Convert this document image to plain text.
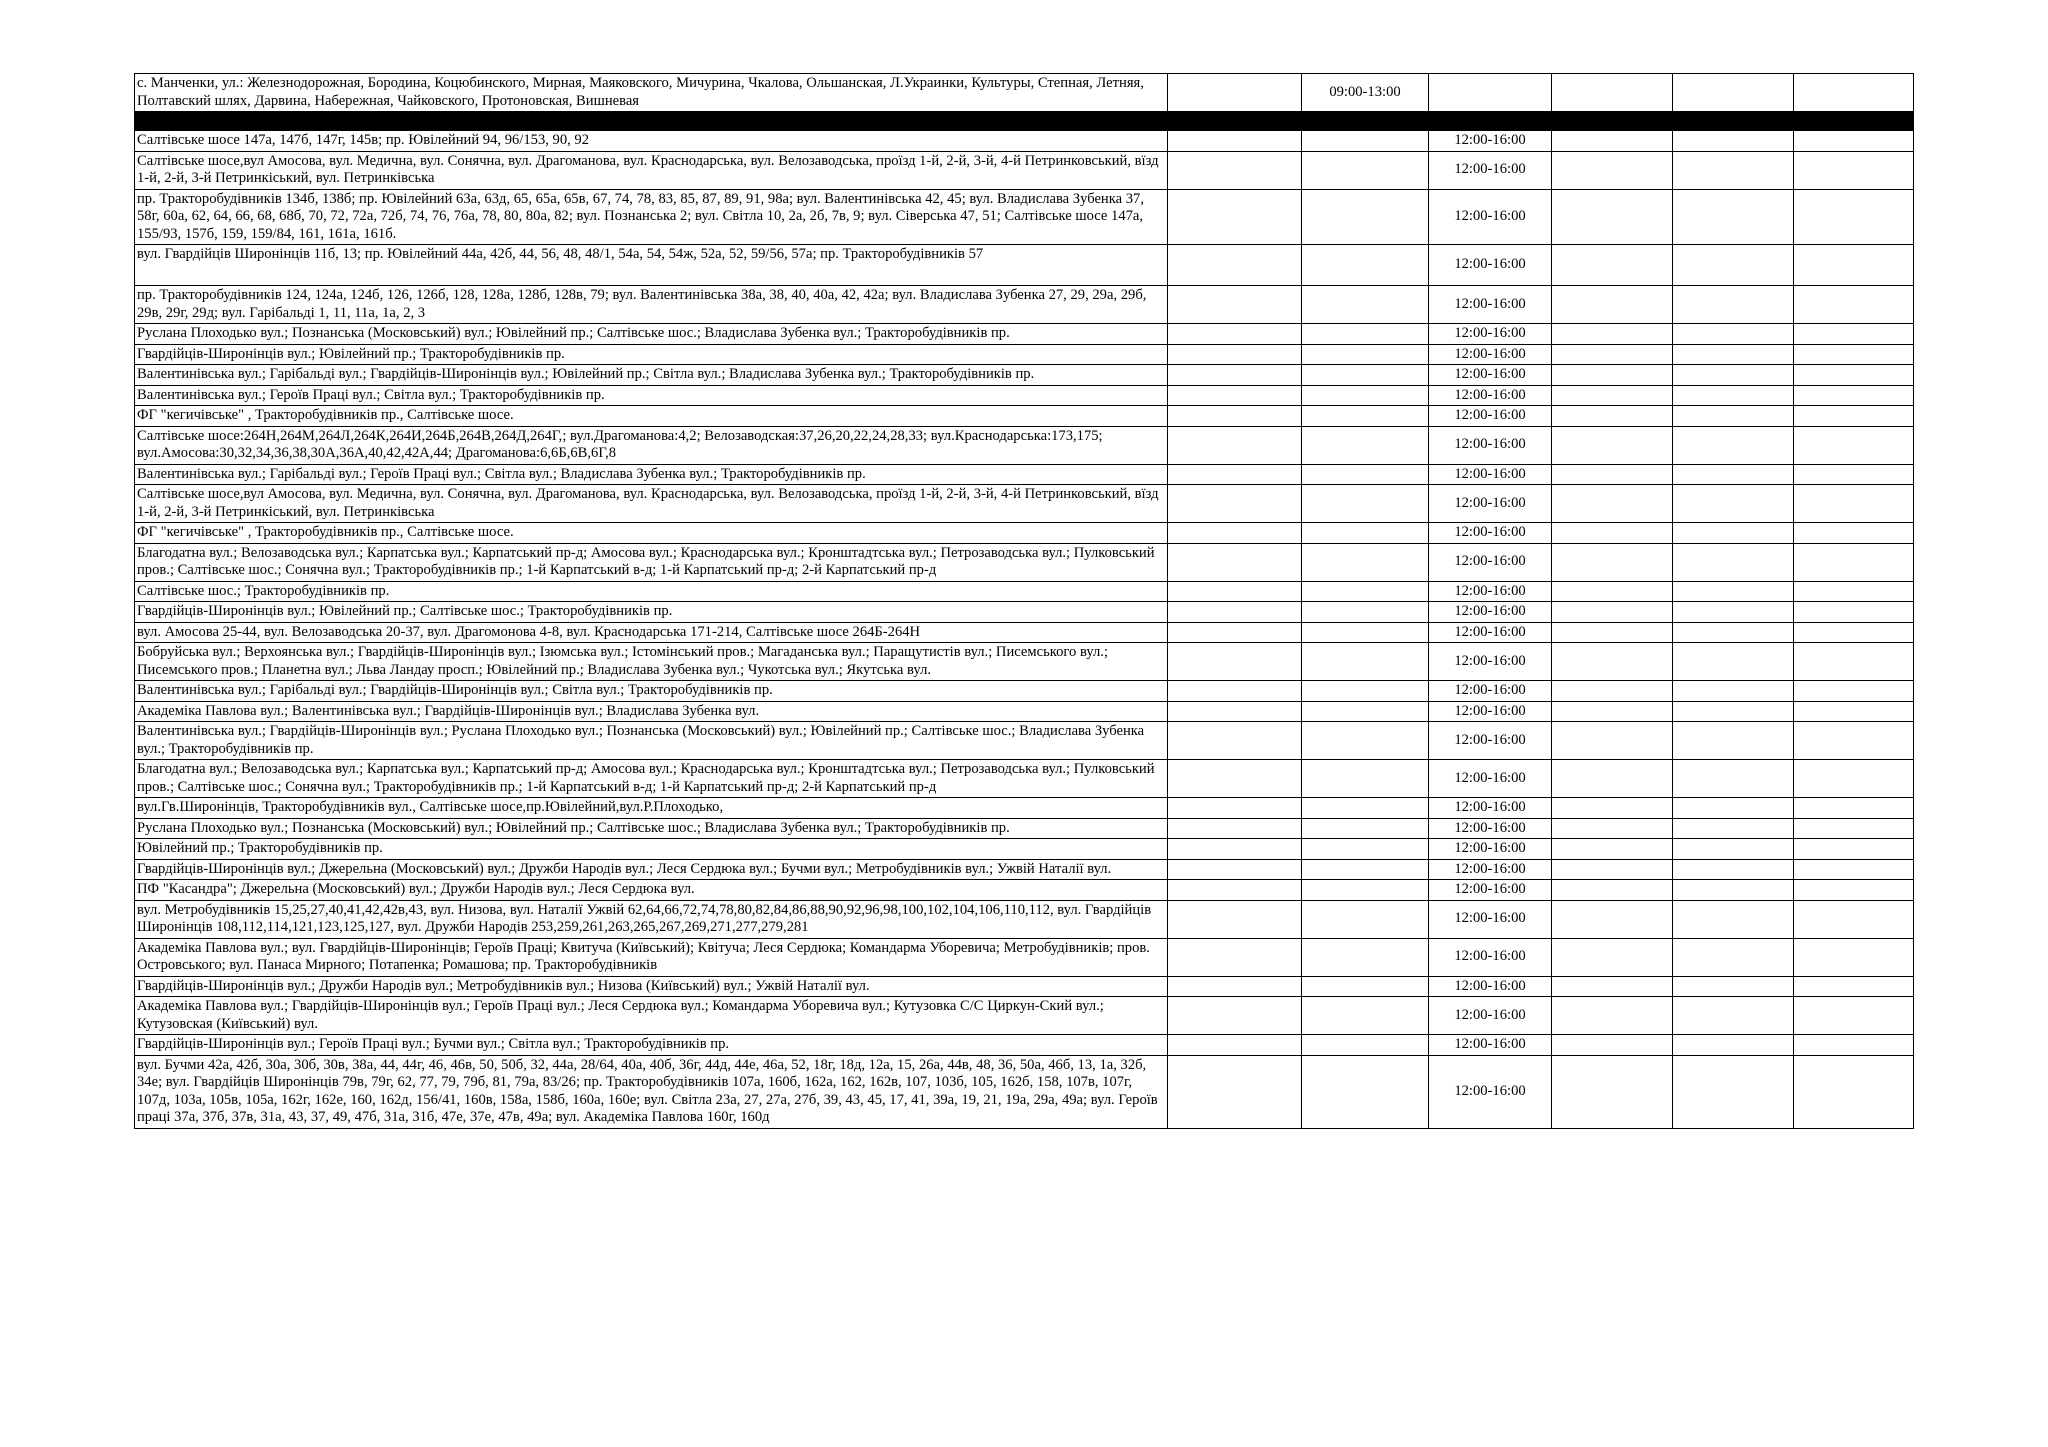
с. Манченки, ул.: Железнодорожная, Бородина, Коцюбинского, Мирная, Маяковского, Мичурина, Чкалова, Ольшанская, Л.Украинки, Культуры, Степная, Летняя, Полтавский шлях, Дарвина, Набережная, Чайковского, Протоновская, Вишневая		09:00-13:00				

Салтівське шосе 147а, 147б, 147г, 145в; пр. Ювілейний 94, 96/153, 90, 92			12:00-16:00			
Салтівське шосе,вул Амосова, вул. Медична, вул. Сонячна, вул. Драгоманова, вул. Краснодарська, вул. Велозаводська, проїзд 1-й, 2-й, 3-й, 4-й Петринковський, вїзд 1-й, 2-й, 3-й Петринкіський, вул. Петринківська			12:00-16:00			
пр. Тракторобудівників 134б, 138б; пр. Ювілейний 63а, 63д, 65, 65а, 65в, 67, 74, 78, 83, 85, 87, 89, 91, 98а; вул. Валентинівська 42, 45; вул. Владислава Зубенка 37, 58г, 60а, 62, 64, 66, 68, 68б, 70, 72, 72а, 72б, 74, 76, 76а, 78, 80, 80а, 82; вул. Познанська 2; вул. Світла 10, 2а, 2б, 7в, 9; вул. Сіверська 47, 51; Салтівське шосе 147а, 155/93, 157б, 159, 159/84, 161, 161а, 161б.			12:00-16:00			
вул. Гвардійців Широнінців 11б, 13; пр. Ювілейний 44а, 42б, 44, 56, 48, 48/1, 54а, 54, 54ж, 52а, 52, 59/56, 57а; пр. Тракторобудівників 57			12:00-16:00			
пр. Тракторобудівників 124, 124а, 124б, 126, 126б, 128, 128а, 128б, 128в, 79; вул. Валентинівська 38а, 38, 40, 40а, 42, 42а; вул. Владислава Зубенка 27, 29, 29а, 29б, 29в, 29г, 29д; вул. Гарібальді 1, 11, 11а, 1а, 2, 3			12:00-16:00			
Руслана Плоходько вул.; Познанська (Московський) вул.; Ювілейний пр.; Салтівське шос.; Владислава Зубенка вул.; Тракторобудівників пр.			12:00-16:00			
Гвардійців-Широнінців вул.; Ювілейний пр.; Тракторобудівників пр.			12:00-16:00			
Валентинівська вул.; Гарібальді вул.; Гвардійців-Широнінців вул.; Ювілейний пр.; Світла вул.; Владислава Зубенка вул.; Тракторобудівників пр.			12:00-16:00			
Валентинівська вул.; Героїв Праці вул.; Світла вул.; Тракторобудівників пр.			12:00-16:00			
ФГ "кегичівське" , Тракторобудівників пр., Салтівське шосе.			12:00-16:00			
Салтівське шосе:264Н,264М,264Л,264К,264И,264Б,264В,264Д,264Г,; вул.Драгоманова:4,2; Велозаводская:37,26,20,22,24,28,33; вул.Краснодарська:173,175; вул.Амосова:30,32,34,36,38,30А,36А,40,42,42А,44; Драгоманова:6,6Б,6В,6Г,8			12:00-16:00			
Валентинівська вул.; Гарібальді вул.; Героїв Праці вул.; Світла вул.; Владислава Зубенка вул.; Тракторобудівників пр.			12:00-16:00			
Салтівське шосе,вул Амосова, вул. Медична, вул. Сонячна, вул. Драгоманова, вул. Краснодарська, вул. Велозаводська, проїзд 1-й, 2-й, 3-й, 4-й Петринковський, вїзд 1-й, 2-й, 3-й Петринкіський, вул. Петринківська			12:00-16:00			
ФГ "кегичівське" , Тракторобудівників пр., Салтівське шосе.			12:00-16:00			
Благодатна вул.; Велозаводська вул.; Карпатська вул.; Карпатський пр-д; Амосова вул.; Краснодарська вул.; Кронштадтська вул.; Петрозаводська вул.; Пулковський пров.; Салтівське шос.; Сонячна вул.; Тракторобудівників пр.; 1-й Карпатський в-д; 1-й Карпатський пр-д; 2-й Карпатський пр-д			12:00-16:00			
Салтівське шос.; Тракторобудівників пр.			12:00-16:00			
Гвардійців-Широнінців вул.; Ювілейний пр.; Салтівське шос.; Тракторобудівників пр.			12:00-16:00			
вул. Амосова 25-44, вул. Велозаводська 20-37, вул. Драгомонова 4-8, вул. Краснодарська 171-214, Салтівське шосе 264Б-264Н			12:00-16:00			
Бобруйська вул.; Верхоянська вул.; Гвардійців-Широнінців вул.; Ізюмська вул.; Істомінський пров.; Магаданська вул.; Паращутистів вул.; Писемського вул.; Писемського пров.; Планетна вул.; Льва Ландау просп.; Ювілейний пр.; Владислава Зубенка вул.; Чукотська вул.; Якутська вул.			12:00-16:00			
Валентинівська вул.; Гарібальді вул.; Гвардійців-Широнінців вул.; Світла вул.; Тракторобудівників пр.			12:00-16:00			
Академіка Павлова вул.; Валентинівська вул.; Гвардійців-Широнінців вул.; Владислава Зубенка вул.			12:00-16:00			
Валентинівська вул.; Гвардійців-Широнінців вул.; Руслана Плоходько вул.; Познанська (Московський) вул.; Ювілейний пр.; Салтівське шос.; Владислава Зубенка вул.; Тракторобудівників пр.			12:00-16:00			
Благодатна вул.; Велозаводська вул.; Карпатська вул.; Карпатський пр-д; Амосова вул.; Краснодарська вул.; Кронштадтська вул.; Петрозаводська вул.; Пулковський пров.; Салтівське шос.; Сонячна вул.; Тракторобудівників пр.; 1-й Карпатський в-д; 1-й Карпатський пр-д; 2-й Карпатський пр-д			12:00-16:00			
вул.Гв.Широнінців, Тракторобудівників вул., Салтівське шосе,пр.Ювілейний,вул.Р.Плоходько,			12:00-16:00			
Руслана Плоходько вул.; Познанська (Московський) вул.; Ювілейний пр.; Салтівське шос.; Владислава Зубенка вул.; Тракторобудівників пр.			12:00-16:00			
Ювілейний пр.; Тракторобудівників пр.			12:00-16:00			
Гвардійців-Широнінців вул.; Джерельна (Московський) вул.; Дружби Народів вул.; Леся Сердюка вул.; Бучми вул.; Метробудівників вул.; Ужвій Наталії вул.			12:00-16:00			
ПФ "Касандра"; Джерельна (Московський) вул.; Дружби Народів вул.; Леся Сердюка вул.			12:00-16:00			
вул. Метробудівників 15,25,27,40,41,42,42в,43, вул. Низова, вул. Наталії Ужвій 62,64,66,72,74,78,80,82,84,86,88,90,92,96,98,100,102,104,106,110,112, вул. Гвардійців Широнінців 108,112,114,121,123,125,127, вул. Дружби Народів 253,259,261,263,265,267,269,271,277,279,281			12:00-16:00			
Академіка Павлова вул.; вул. Гвардійців-Широнінців; Героїв Праці; Квитуча (Київський); Квітуча; Леся Сердюка; Командарма Уборевича; Метробудівників; пров. Островського; вул. Панаса Мирного; Потапенка; Ромашова; пр. Тракторобудівників			12:00-16:00			
Гвардійців-Широнінців вул.; Дружби Народів вул.; Метробудівників вул.; Низова (Київський) вул.; Ужвій Наталії вул.			12:00-16:00			
Академіка Павлова вул.; Гвардійців-Широнінців вул.; Героїв Праці вул.; Леся Сердюка вул.; Командарма Уборевича вул.; Кутузовка С/С Циркун-Ский вул.; Кутузовская (Київський) вул.			12:00-16:00			
Гвардійців-Широнінців вул.; Героїв Праці вул.; Бучми вул.; Світла вул.; Тракторобудівників пр.			12:00-16:00			
вул. Бучми 42а, 42б, 30а, 30б, 30в, 38а, 44, 44г, 46, 46в, 50, 50б, 32, 44а, 28/64, 40а, 40б, 36г, 44д, 44е, 46а, 52, 18г, 18д, 12а, 15, 26а, 44в, 48, 36, 50а, 46б, 13, 1а, 32б, 34е; вул. Гвардійців Широнінців 79в, 79г, 62, 77, 79, 79б, 81, 79а, 83/26; пр. Тракторобудівників 107а, 160б, 162а, 162, 162в, 107, 103б, 105, 162б, 158, 107в, 107г, 107д, 103а, 105в, 105а, 162г, 162е, 160, 162д, 156/41, 160в, 158а, 158б, 160а, 160е; вул. Світла 23а, 27, 27а, 27б, 39, 43, 45, 17, 41, 39а, 19, 21, 19а, 29а, 49а; вул. Героїв праці 37а, 37б, 37в, 31а, 43, 37, 49, 47б, 31а, 31б, 47е, 37е, 47в, 49а; вул. Академіка Павлова 160г, 160д			12:00-16:00			
